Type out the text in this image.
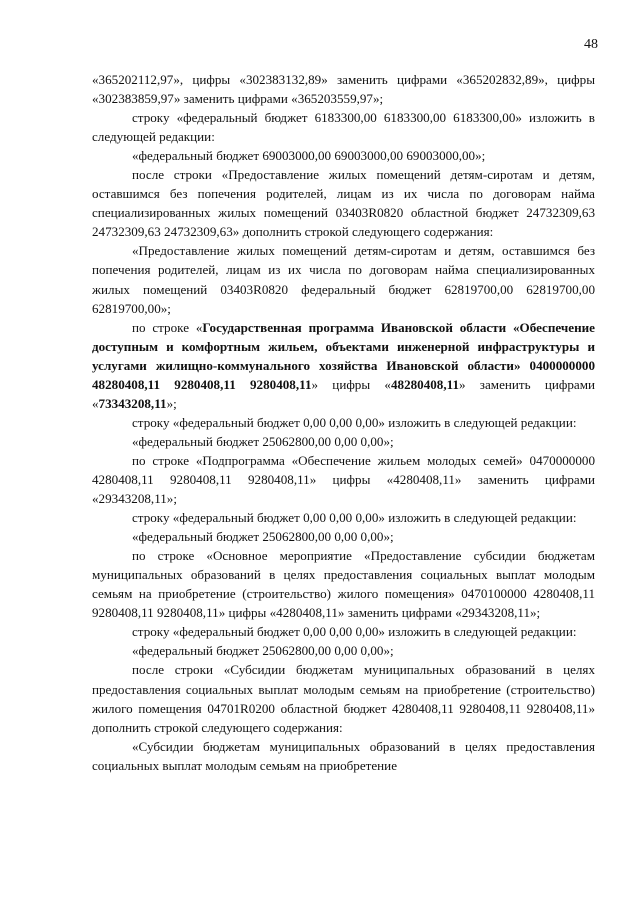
48

«365202112,97», цифры «302383132,89» заменить цифрами «365202832,89», цифры «302383859,97» заменить цифрами «365203559,97»;

строку «федеральный бюджет 6183300,00 6183300,00 6183300,00» изложить в следующей редакции:

«федеральный бюджет 69003000,00 69003000,00 69003000,00»;

после строки «Предоставление жилых помещений детям-сиротам и детям, оставшимся без попечения родителей, лицам из их числа по договорам найма специализированных жилых помещений 03403R0820 областной бюджет 24732309,63 24732309,63 24732309,63» дополнить строкой следующего содержания:

«Предоставление жилых помещений детям-сиротам и детям, оставшимся без попечения родителей, лицам из их числа по договорам найма специализированных жилых помещений 03403R0820 федеральный бюджет 62819700,00 62819700,00 62819700,00»;

по строке «Государственная программа Ивановской области «Обеспечение доступным и комфортным жильем, объектами инженерной инфраструктуры и услугами жилищно-коммунального хозяйства Ивановской области» 0400000000 48280408,11 9280408,11 9280408,11» цифры «48280408,11» заменить цифрами «73343208,11»;

строку «федеральный бюджет 0,00 0,00 0,00» изложить в следующей редакции:

«федеральный бюджет 25062800,00 0,00 0,00»;

по строке «Подпрограмма «Обеспечение жильем молодых семей» 0470000000 4280408,11 9280408,11 9280408,11» цифры «4280408,11» заменить цифрами «29343208,11»;

строку «федеральный бюджет 0,00 0,00 0,00» изложить в следующей редакции:

«федеральный бюджет 25062800,00 0,00 0,00»;

по строке «Основное мероприятие «Предоставление субсидии бюджетам муниципальных образований в целях предоставления социальных выплат молодым семьям на приобретение (строительство) жилого помещения» 0470100000 4280408,11 9280408,11 9280408,11» цифры «4280408,11» заменить цифрами «29343208,11»;

строку «федеральный бюджет 0,00 0,00 0,00» изложить в следующей редакции:

«федеральный бюджет 25062800,00 0,00 0,00»;

после строки «Субсидии бюджетам муниципальных образований в целях предоставления социальных выплат молодым семьям на приобретение (строительство) жилого помещения 04701R0200 областной бюджет 4280408,11 9280408,11 9280408,11» дополнить строкой следующего содержания:

«Субсидии бюджетам муниципальных образований в целях предоставления социальных выплат молодым семьям на приобретение
